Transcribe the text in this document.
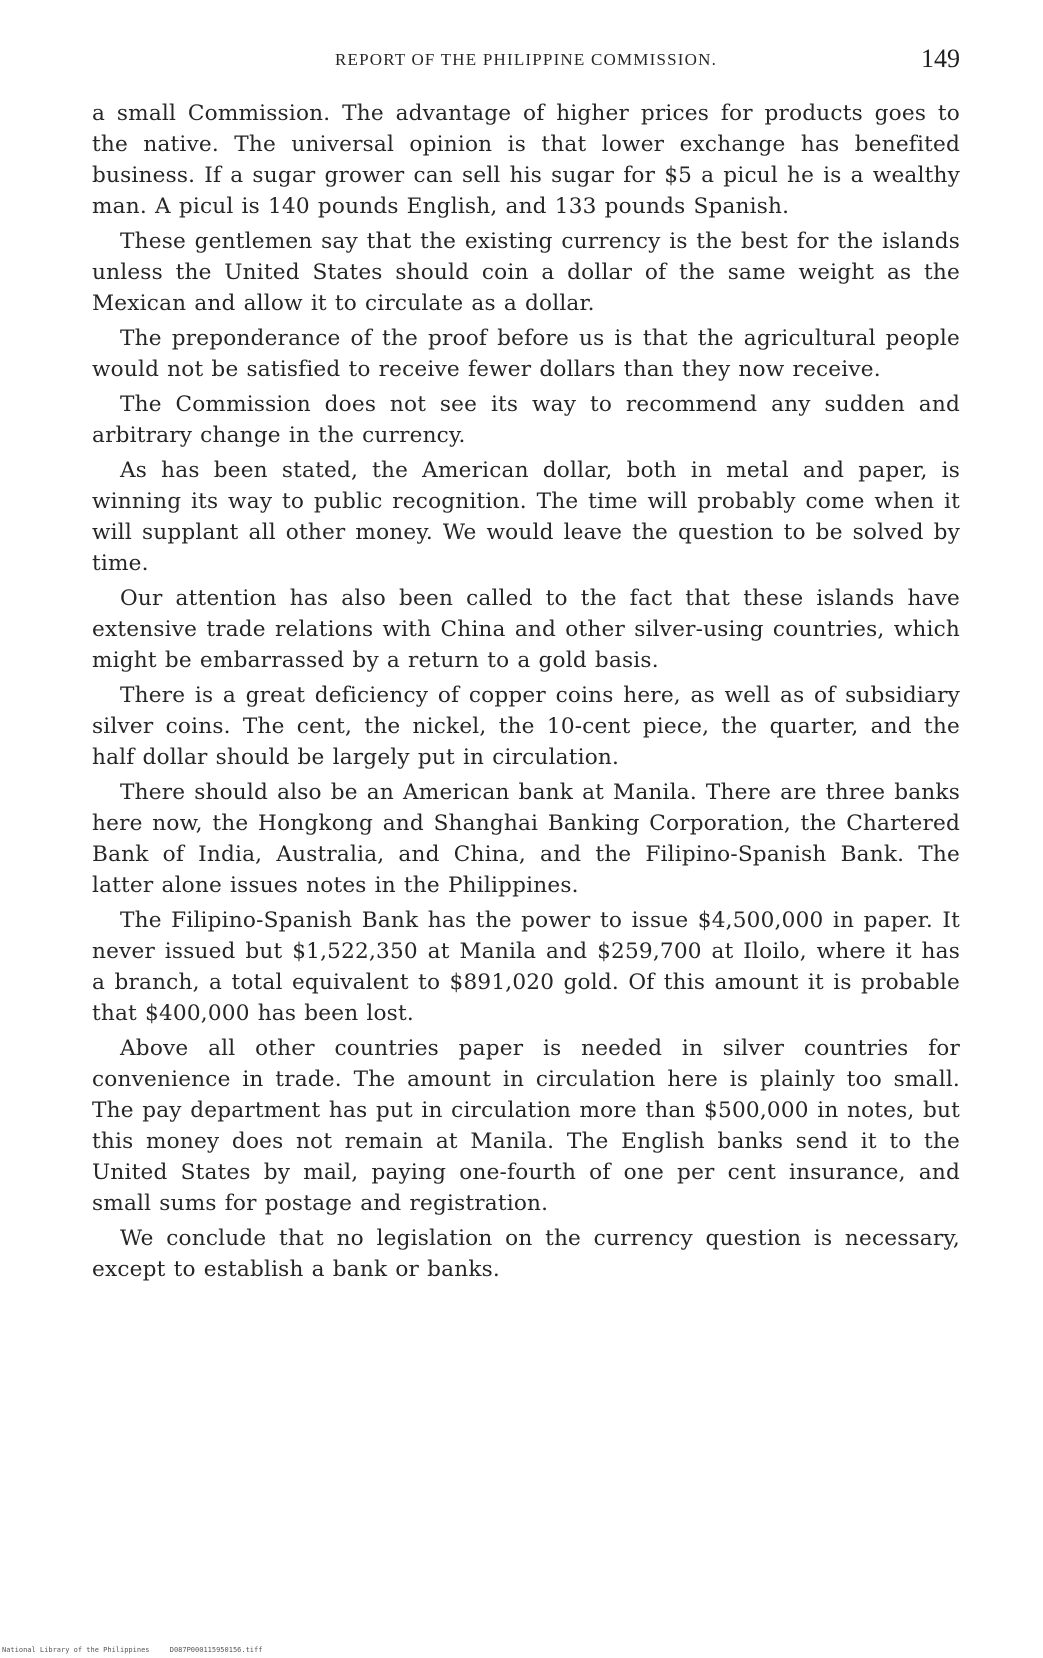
REPORT OF THE PHILIPPINE COMMISSION.	149

a small Commission. The advantage of higher prices for products goes to the native. The universal opinion is that lower exchange has benefited business. If a sugar grower can sell his sugar for $5 a picul he is a wealthy man. A picul is 140 pounds English, and 133 pounds Spanish.

These gentlemen say that the existing currency is the best for the islands unless the United States should coin a dollar of the same weight as the Mexican and allow it to circulate as a dollar.

The preponderance of the proof before us is that the agricultural people would not be satisfied to receive fewer dollars than they now receive.

The Commission does not see its way to recommend any sudden and arbitrary change in the currency.

As has been stated, the American dollar, both in metal and paper, is winning its way to public recognition. The time will probably come when it will supplant all other money. We would leave the question to be solved by time.

Our attention has also been called to the fact that these islands have extensive trade relations with China and other silver-using countries, which might be embarrassed by a return to a gold basis.

There is a great deficiency of copper coins here, as well as of subsidiary silver coins. The cent, the nickel, the 10-cent piece, the quarter, and the half dollar should be largely put in circulation.

There should also be an American bank at Manila. There are three banks here now, the Hongkong and Shanghai Banking Corporation, the Chartered Bank of India, Australia, and China, and the Filipino-Spanish Bank. The latter alone issues notes in the Philippines.

The Filipino-Spanish Bank has the power to issue $4,500,000 in paper. It never issued but $1,522,350 at Manila and $259,700 at Iloilo, where it has a branch, a total equivalent to $891,020 gold. Of this amount it is probable that $400,000 has been lost.

Above all other countries paper is needed in silver countries for convenience in trade. The amount in circulation here is plainly too small. The pay department has put in circulation more than $500,000 in notes, but this money does not remain at Manila. The English banks send it to the United States by mail, paying one-fourth of one per cent insurance, and small sums for postage and registration.

We conclude that no legislation on the currency question is necessary, except to establish a bank or banks.

National Library of the Philippines	D087P000115950156.tiff
